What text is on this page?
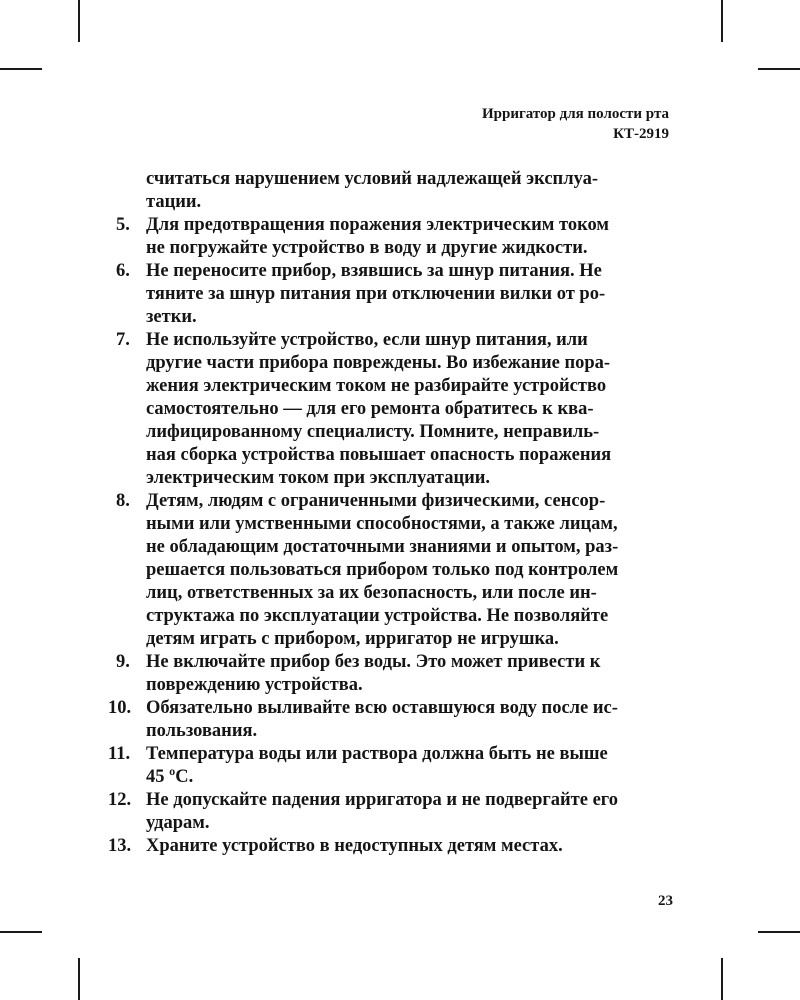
Ирригатор для полости рта
КТ-2919
считаться нарушением условий надлежащей эксплуа-
тации.
5. Для предотвращения поражения электрическим током
не погружайте устройство в воду и другие жидкости.
6. Не переносите прибор, взявшись за шнур питания. Не
тяните за шнур питания при отключении вилки от ро-
зетки.
7. Не используйте устройство, если шнур питания, или
другие части прибора повреждены. Во избежание пора-
жения электрическим током не разбирайте устройство
самостоятельно — для его ремонта обратитесь к ква-
лифицированному специалисту. Помните, неправиль-
ная сборка устройства повышает опасность поражения
электрическим током при эксплуатации.
8. Детям, людям с ограниченными физическими, сенсор-
ными или умственными способностями, а также лицам,
не обладающим достаточными знаниями и опытом, раз-
решается пользоваться прибором только под контролем
лиц, ответственных за их безопасность, или после ин-
структажа по эксплуатации устройства. Не позволяйте
детям играть с прибором, ирригатор не игрушка.
9. Не включайте прибор без воды. Это может привести к
повреждению устройства.
10. Обязательно выливайте всю оставшуюся воду после ис-
пользования.
11. Температура воды или раствора должна быть не выше
45 ºC.
12. Не допускайте падения ирригатора и не подвергайте его
ударам.
13. Храните устройство в недоступных детям местах.
23
